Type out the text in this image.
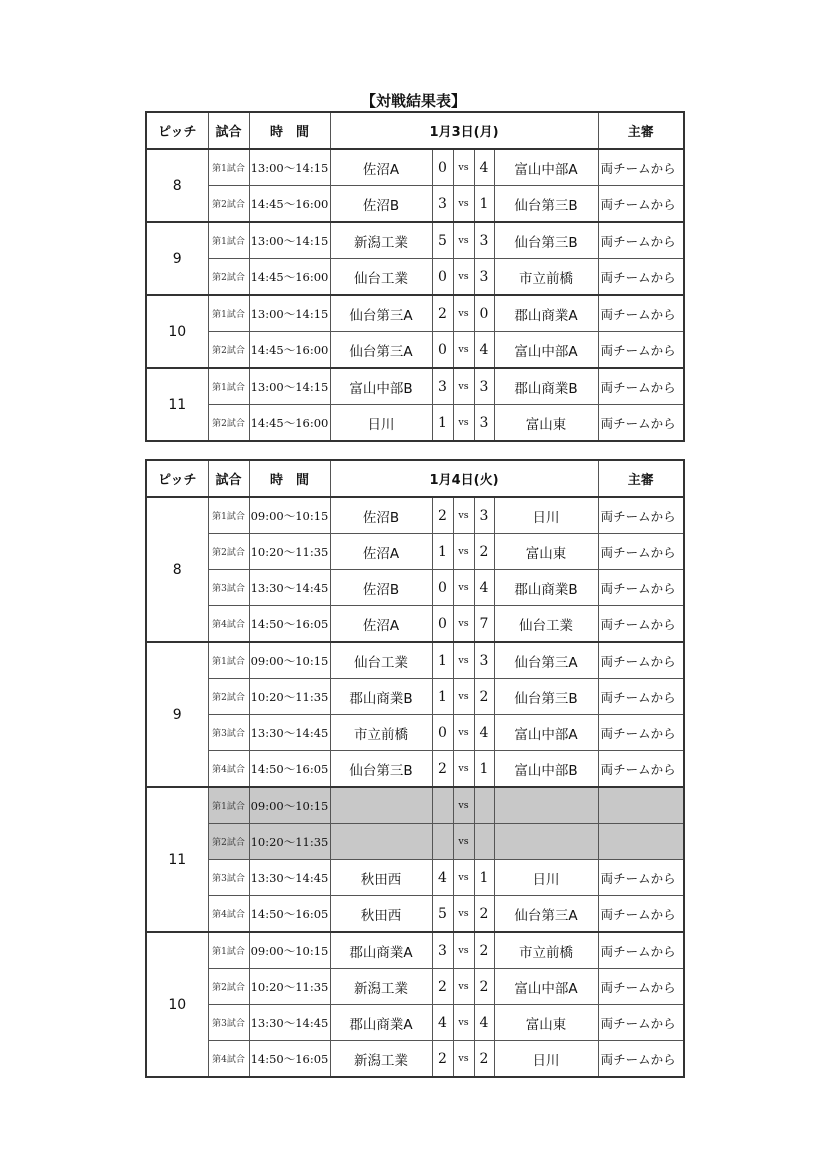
【対戦結果表】
ピッチ	試合	時　間	1月3日(月)					主審
8	第1試合	13:00～14:15	佐沼A	0	vs	4	富山中部A	両チームから
	第2試合	14:45～16:00	佐沼B	3	vs	1	仙台第三B	両チームから
9	第1試合	13:00～14:15	新潟工業	5	vs	3	仙台第三B	両チームから
	第2試合	14:45～16:00	仙台工業	0	vs	3	市立前橋	両チームから
10	第1試合	13:00～14:15	仙台第三A	2	vs	0	郡山商業A	両チームから
	第2試合	14:45～16:00	仙台第三A	0	vs	4	富山中部A	両チームから
11	第1試合	13:00～14:15	富山中部B	3	vs	3	郡山商業B	両チームから
	第2試合	14:45～16:00	日川	1	vs	3	富山東	両チームから
ピッチ	試合	時　間	1月4日(火)					主審
8	第1試合	09:00～10:15	佐沼B	2	vs	3	日川	両チームから
	第2試合	10:20～11:35	佐沼A	1	vs	2	富山東	両チームから
	第3試合	13:30～14:45	佐沼B	0	vs	4	郡山商業B	両チームから
	第4試合	14:50～16:05	佐沼A	0	vs	7	仙台工業	両チームから
9	第1試合	09:00～10:15	仙台工業	1	vs	3	仙台第三A	両チームから
	第2試合	10:20～11:35	郡山商業B	1	vs	2	仙台第三B	両チームから
	第3試合	13:30～14:45	市立前橋	0	vs	4	富山中部A	両チームから
	第4試合	14:50～16:05	仙台第三B	2	vs	1	富山中部B	両チームから
11	第1試合	09:00～10:15			vs			
	第2試合	10:20～11:35			vs			
	第3試合	13:30～14:45	秋田西	4	vs	1	日川	両チームから
	第4試合	14:50～16:05	秋田西	5	vs	2	仙台第三A	両チームから
10	第1試合	09:00～10:15	郡山商業A	3	vs	2	市立前橋	両チームから
	第2試合	10:20～11:35	新潟工業	2	vs	2	富山中部A	両チームから
	第3試合	13:30～14:45	郡山商業A	4	vs	4	富山東	両チームから
	第4試合	14:50～16:05	新潟工業	2	vs	2	日川	両チームから
